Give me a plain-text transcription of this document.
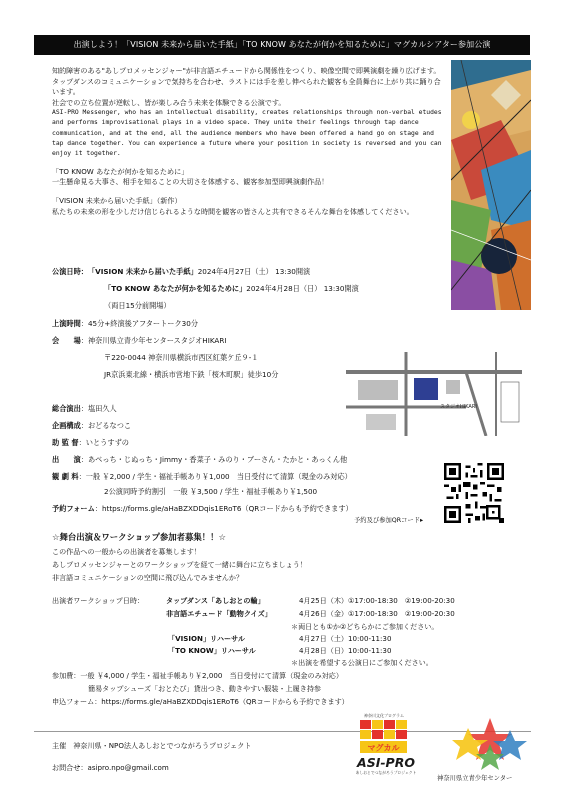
出演しよう！「VISION 未来から届いた手紙」「TO KNOW あなたが何かを知るために」マグカルシアター参加公演

知的障害のある"あしプロメッセンジャー"が非言語エチュードから関係性をつくり、映像空間で即興演劇を繰り広げます。タップダンスのコミュニケーションで気持ちを合わせ、ラストには手を差し伸べられた観客も全員舞台に上がり共に踊り合います。

社会での立ち位置が逆転し、皆が楽しみ合う未来を体験できる公演です。

ASI-PRO Messenger, who has an intellectual disability, creates relationships through non-verbal etudes and performs improvisational plays in a video space. They unite their feelings through tap dance communication, and at the end, all the audience members who have been offered a hand go on stage and tap dance together. You can experience a future where your position in society is reversed and you can enjoy it together.

「TO KNOW あなたが何かを知るために」

一生懸命見る大事さ、相手を知ることの大切さを体感する、観客参加型即興演劇作品！

「VISION 未来から届いた手紙」（新作）

私たちの未来の形を少しだけ信じられるような時間を観客の皆さんと共有できるそんな舞台を体感してください。

公演日時：「VISION 未来から届いた手紙」2024年4月27日（土） 13:30開演
「TO KNOW あなたが何かを知るために」2024年4月28日（日） 13:30開演
（両日15分前開場）
上演時間：45分+終演後アフタートーク30分
会　　場：神奈川県立青少年センタースタジオHIKARI
〒220-0044 神奈川県横浜市西区紅葉ケ丘９-１
JR京浜東北線・横浜市営地下鉄「桜木町駅」徒歩10分
スタジオHIKARI
総合演出：塩田久人
企画構成：おどるなつこ
助 監 督：いとうすずの
出　　演：あべっち・じぬっち・Jimmy・香菜子・みのり・ブーさん・たかと・あっくん他
観 劇 料：一般 ￥2,000 / 学生・福祉手帳あり￥1,000　当日受付にて清算（現金のみ対応）
2公演同時予約割引　一般 ￥3,500 / 学生・福祉手帳あり￥1,500
予約フォーム：https://forms.gle/aHaBZXDDqis1ERoT6（QRコードからも予約できます）
予約及び参加QRコード▸
☆舞台出演＆ワークショップ参加者募集！！☆
この作品への一般からの出演者を募集します！
あしプロメッセンジャーとのワークショップを経て一緒に舞台に立ちましょう！
非言語コミュニケーションの空間に飛び込んでみませんか？
出演者ワークショップ日時：	タップダンス「あしおとの輪」	4月25日（木）①17:00-18:30　②19:00-20:30
非言語エチュード「動物クイズ」	4月26日（金）①17:00-18:30　②19:00-20:30
＊両日とも①か②どちらかにご参加ください。
「VISION」リハーサル	4月27日（土）10:00-11:30
「TO KNOW」リハーサル	4月28日（日）10:00-11:30
＊出演を希望する公演日にご参加ください。
参加費：一般 ￥4,000 / 学生・福祉手帳あり￥2,000　当日受付にて清算（現金のみ対応）
簡易タップシューズ「おとたび」貸出つき、動きやすい服装・上履き持参
申込フォーム：https://forms.gle/aHaBZXDDqis1ERoT6（QRコードからも予約できます）
主催　神奈川県・NPO法人あしおとでつながろうプロジェクト
お問合せ：asipro.npo@gmail.com
神奈川文化プログラム
マグカル
ASI-PRO
あしおとでつながろうプロジェクト
神奈川県立青少年センター
